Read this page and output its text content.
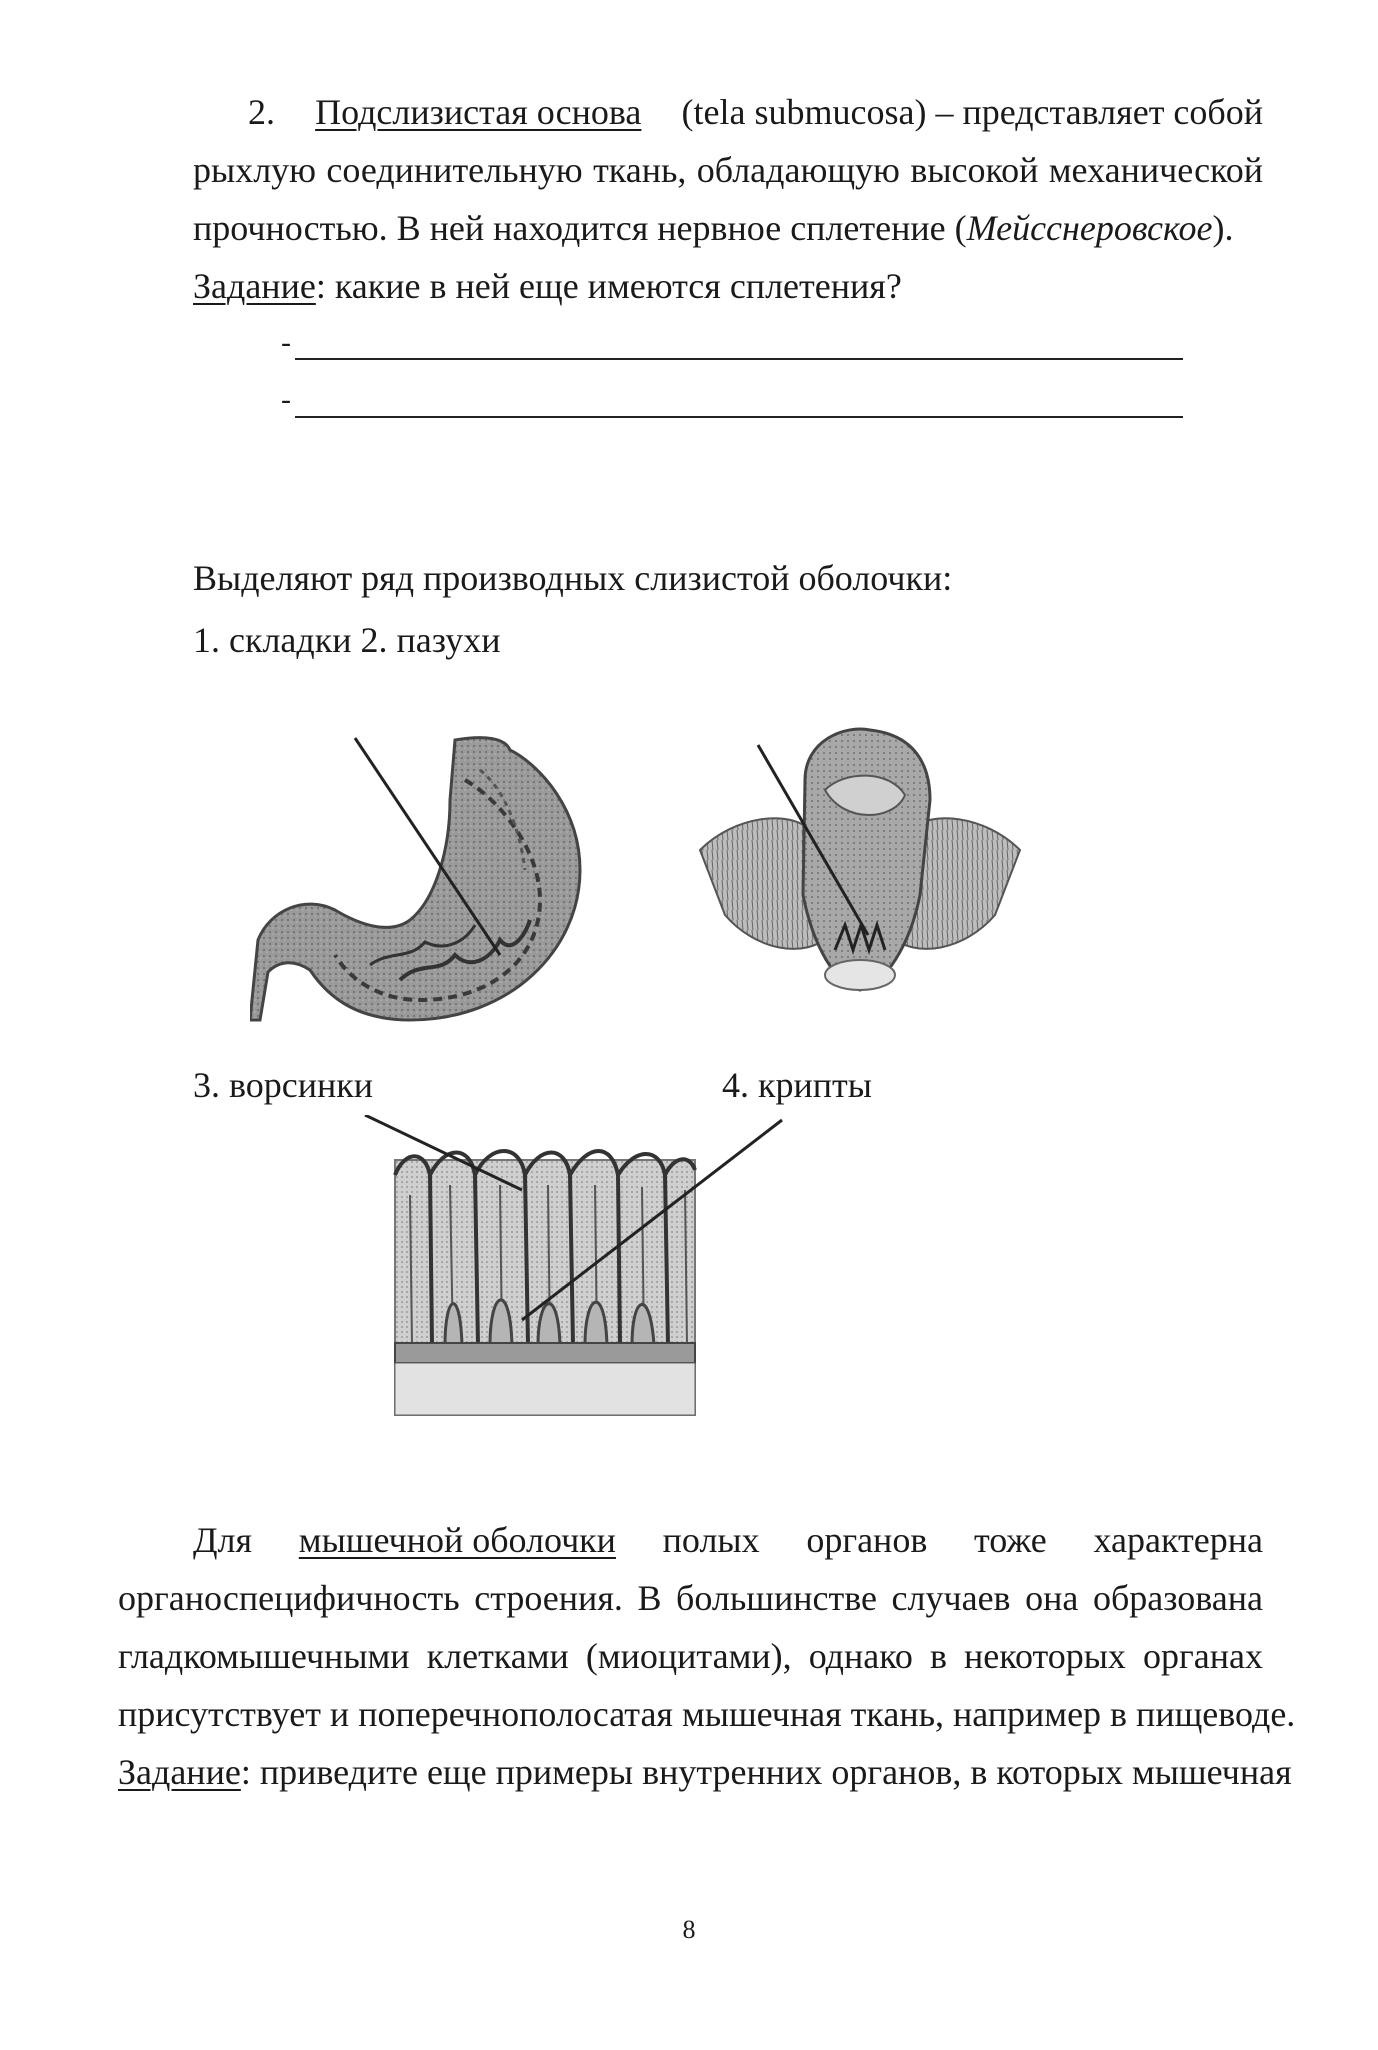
2. Подслизистая основа (tela submucosa) – представляет собой
рыхлую соединительную ткань, обладающую высокой механической
прочностью. В ней находится нервное сплетение (Мейсснеровское).
Задание: какие в ней еще имеются сплетения?
-
-
Выделяют ряд производных слизистой оболочки:
1. складки 2. пазухи
3. ворсинки	4. крипты
Для мышечной оболочки полых органов тоже характерна
органоспецифичность строения. В большинстве случаев она образована
гладкомышечными клетками (миоцитами), однако в некоторых органах
присутствует и поперечнополосатая мышечная ткань, например в пищеводе.
Задание: приведите еще примеры внутренних органов, в которых мышечная
8
